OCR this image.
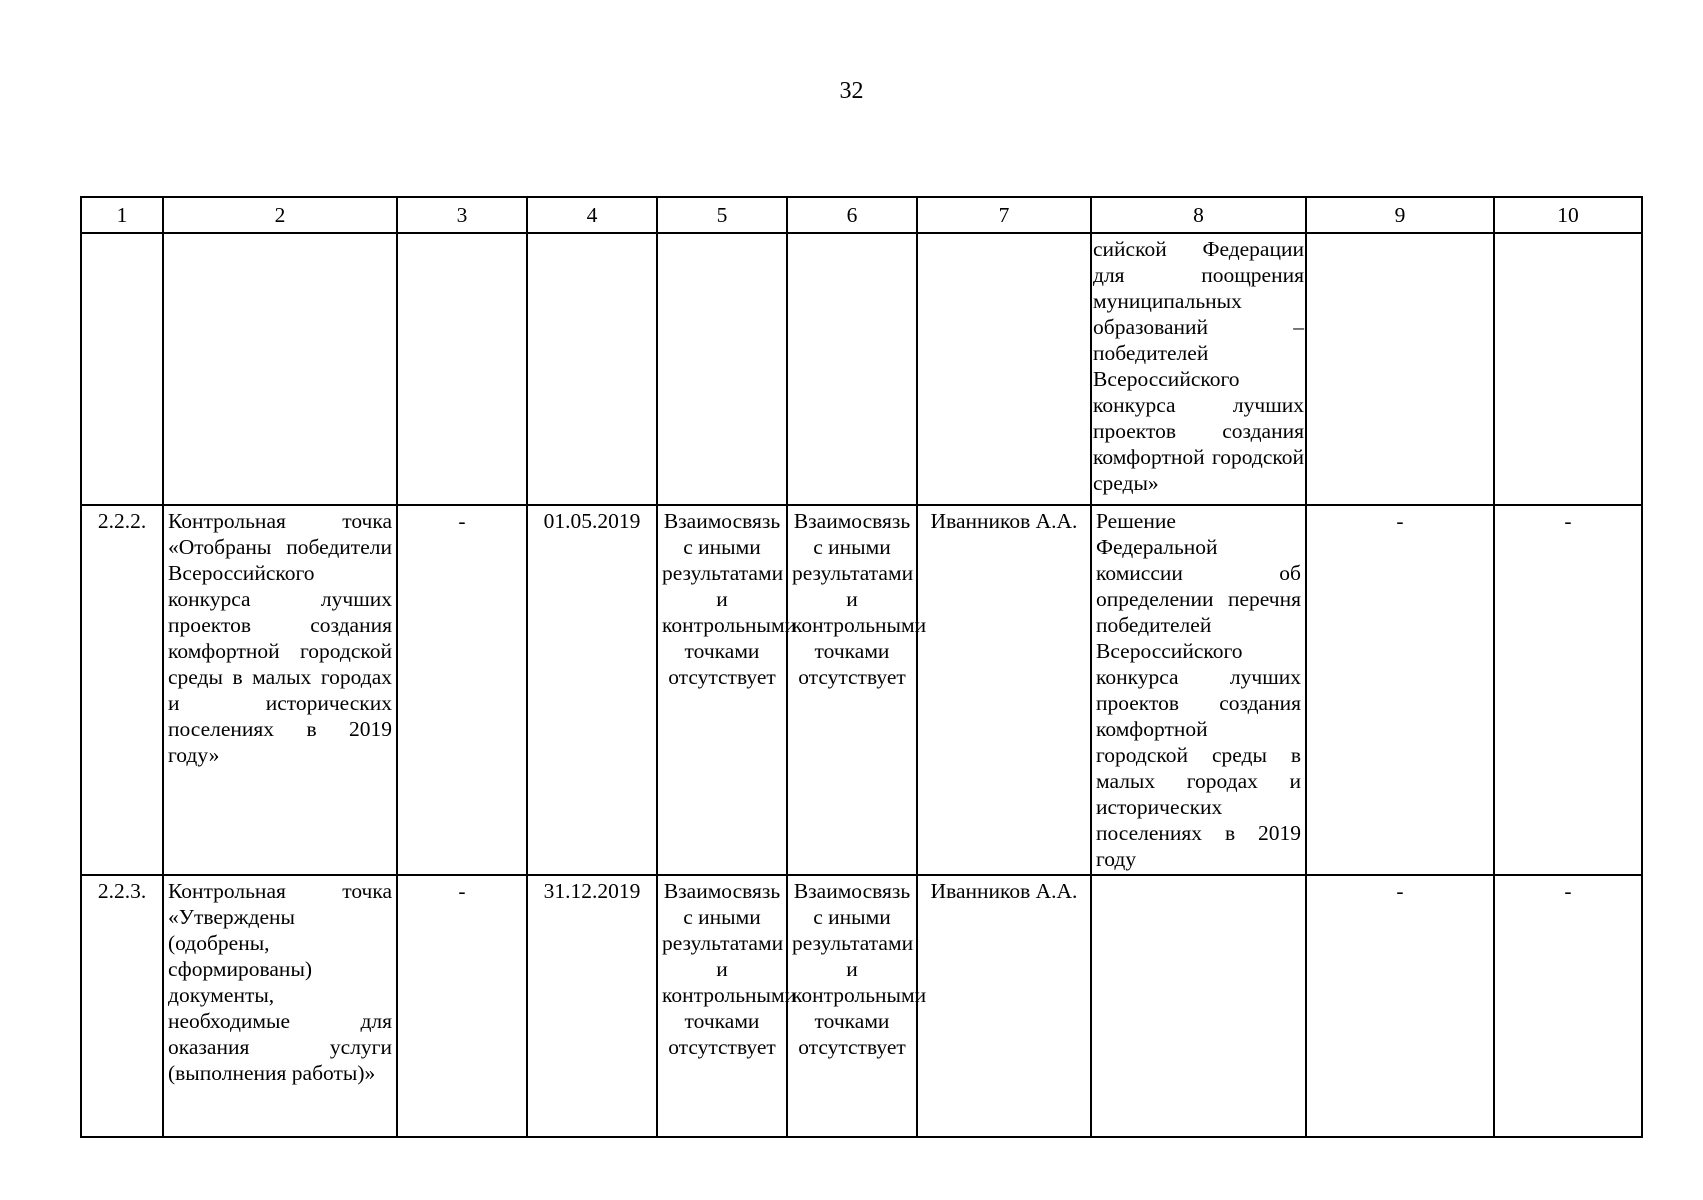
32
1	2	3	4	5	6	7	8	9	10
							сийской Федерации для поощрения муниципальных образований – победителей Всероссийского конкурса лучших проектов создания комфортной городской среды»		
2.2.2.	Контрольная точка «Отобраны победители Всероссийского конкурса лучших проектов создания комфортной городской среды в малых городах и исторических поселениях в 2019 году»	-	01.05.2019	Взаимосвязь с иными результатами и контрольными точками отсутствует	Взаимосвязь с иными результатами и контрольными точками отсутствует	Иванников А.А.	Решение Федеральной комиссии об определении перечня победителей Всероссийского конкурса лучших проектов создания комфортной городской среды в малых городах и исторических поселениях в 2019 году	-	-
2.2.3.	Контрольная точка «Утверждены (одобрены, сформированы) документы, необходимые для оказания услуги (выполнения работы)»	-	31.12.2019	Взаимосвязь с иными результатами и контрольными точками отсутствует	Взаимосвязь с иными результатами и контрольными точками отсутствует	Иванников А.А.		-	-
